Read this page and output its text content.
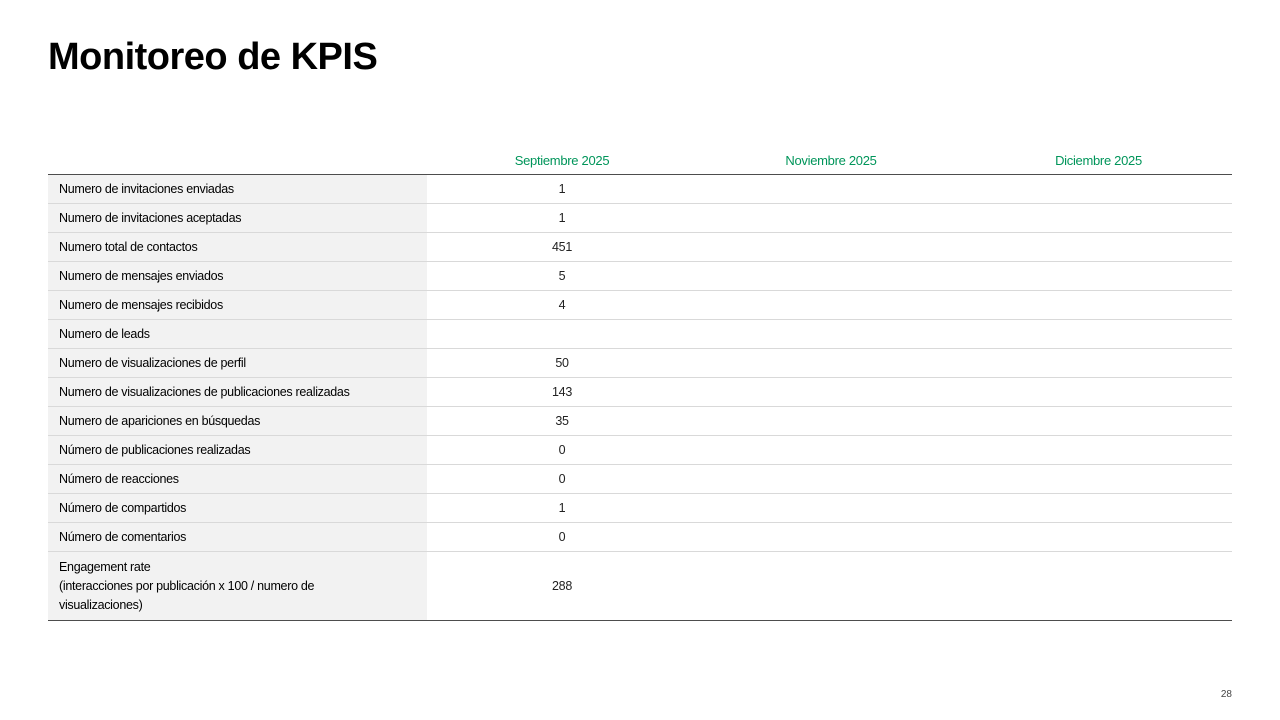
Monitoreo de KPIS
	Septiembre 2025	Noviembre 2025	Diciembre 2025
Numero de invitaciones enviadas	1		
Numero de invitaciones aceptadas	1		
Numero total de contactos	451		
Numero de mensajes enviados	5		
Numero de mensajes recibidos	4		
Numero de leads			
Numero de visualizaciones de perfil	50		
Numero de visualizaciones de publicaciones realizadas	143		
Numero de apariciones en búsquedas	35		
Número de publicaciones realizadas	0		
Número de reacciones	0		
Número de compartidos	1		
Número de comentarios	0		

Engagement rate
(interacciones por publicación x 100 / numero de
visualizaciones)	288		
28
